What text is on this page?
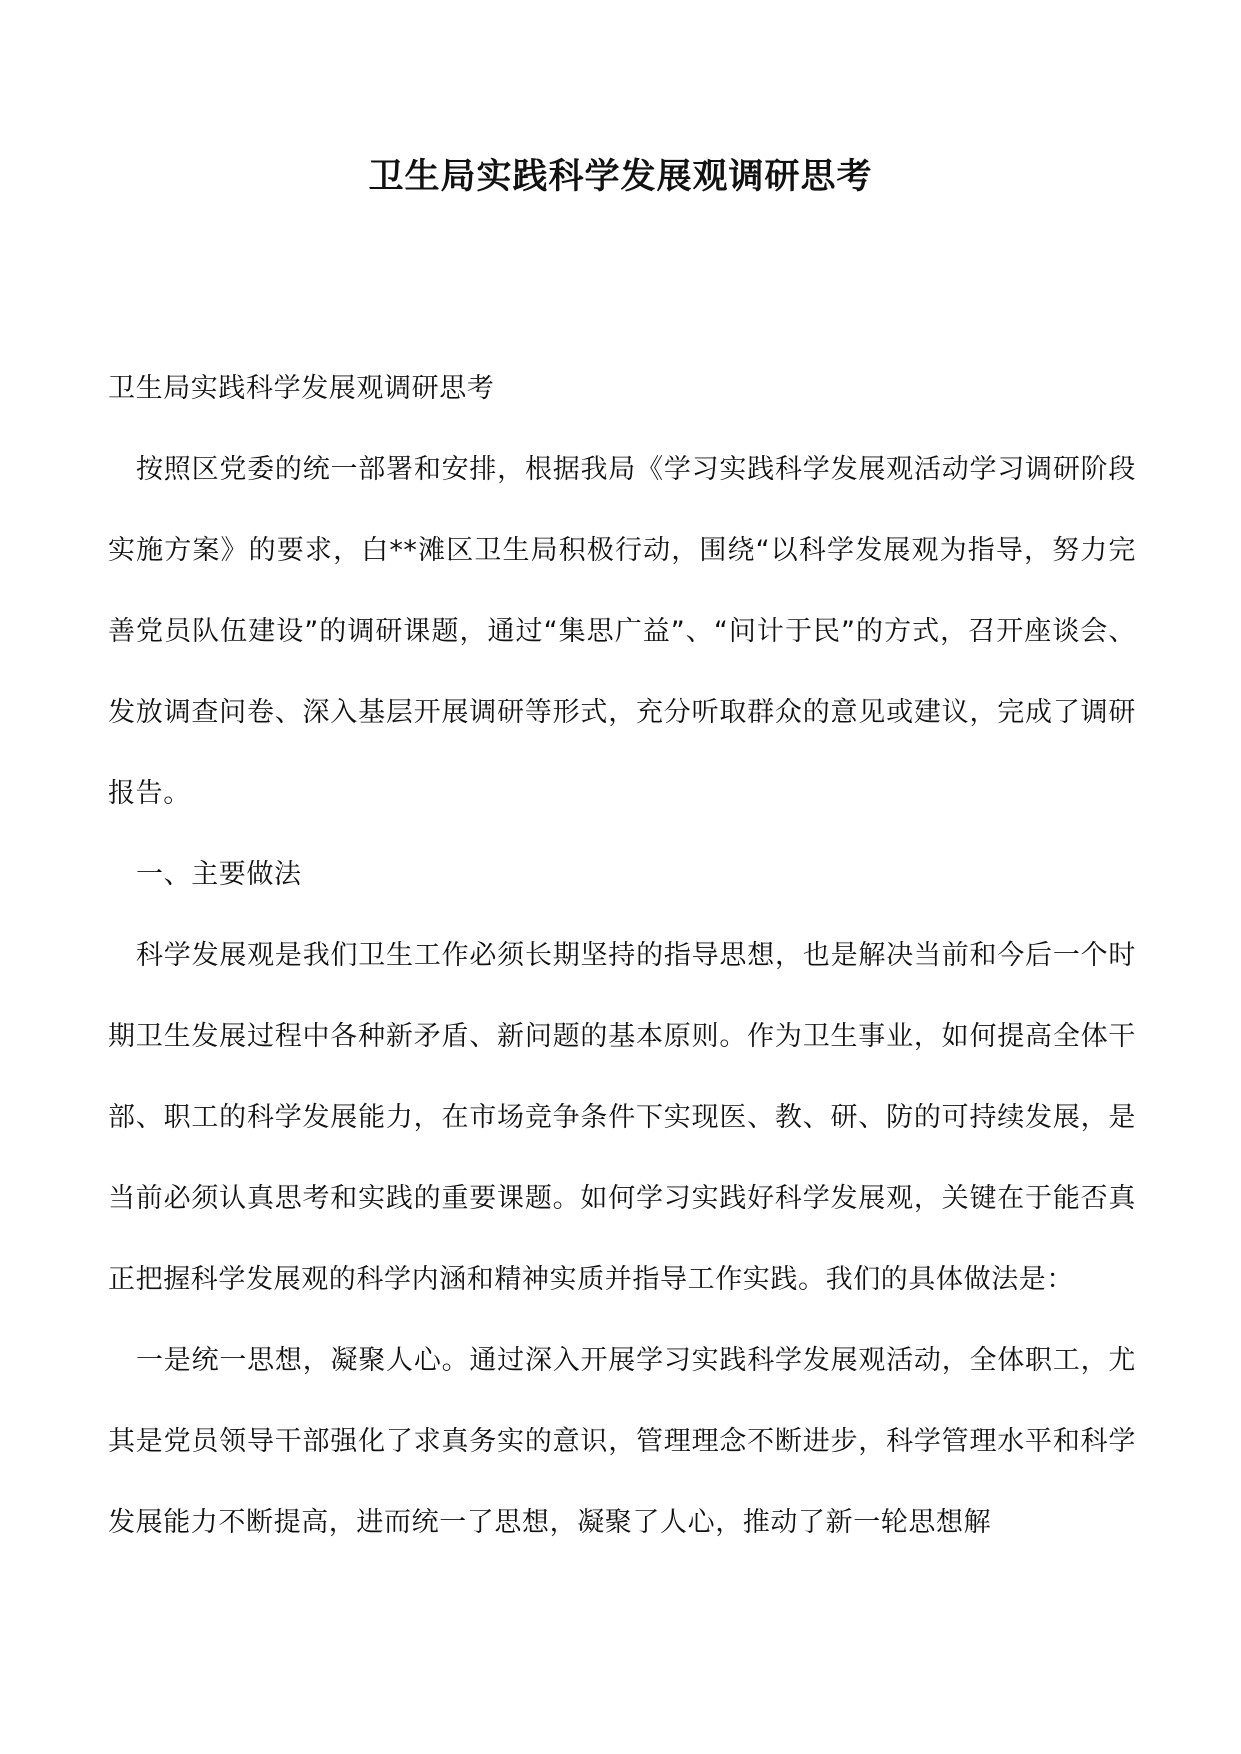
卫生局实践科学发展观调研思考

卫生局实践科学发展观调研思考

按照区党委的统一部署和安排，根据我局《学习实践科学发展观活动学习调研阶段实施方案》的要求，白**滩区卫生局积极行动，围绕“以科学发展观为指导，努力完善党员队伍建设”的调研课题，通过“集思广益”、“问计于民”的方式，召开座谈会、发放调查问卷、深入基层开展调研等形式，充分听取群众的意见或建议，完成了调研报告。

一、主要做法

科学发展观是我们卫生工作必须长期坚持的指导思想，也是解决当前和今后一个时期卫生发展过程中各种新矛盾、新问题的基本原则。作为卫生事业，如何提高全体干部、职工的科学发展能力，在市场竞争条件下实现医、教、研、防的可持续发展，是当前必须认真思考和实践的重要课题。如何学习实践好科学发展观，关键在于能否真正把握科学发展观的科学内涵和精神实质并指导工作实践。我们的具体做法是：

一是统一思想，凝聚人心。通过深入开展学习实践科学发展观活动，全体职工，尤其是党员领导干部强化了求真务实的意识，管理理念不断进步，科学管理水平和科学发展能力不断提高，进而统一了思想，凝聚了人心，推动了新一轮思想解
